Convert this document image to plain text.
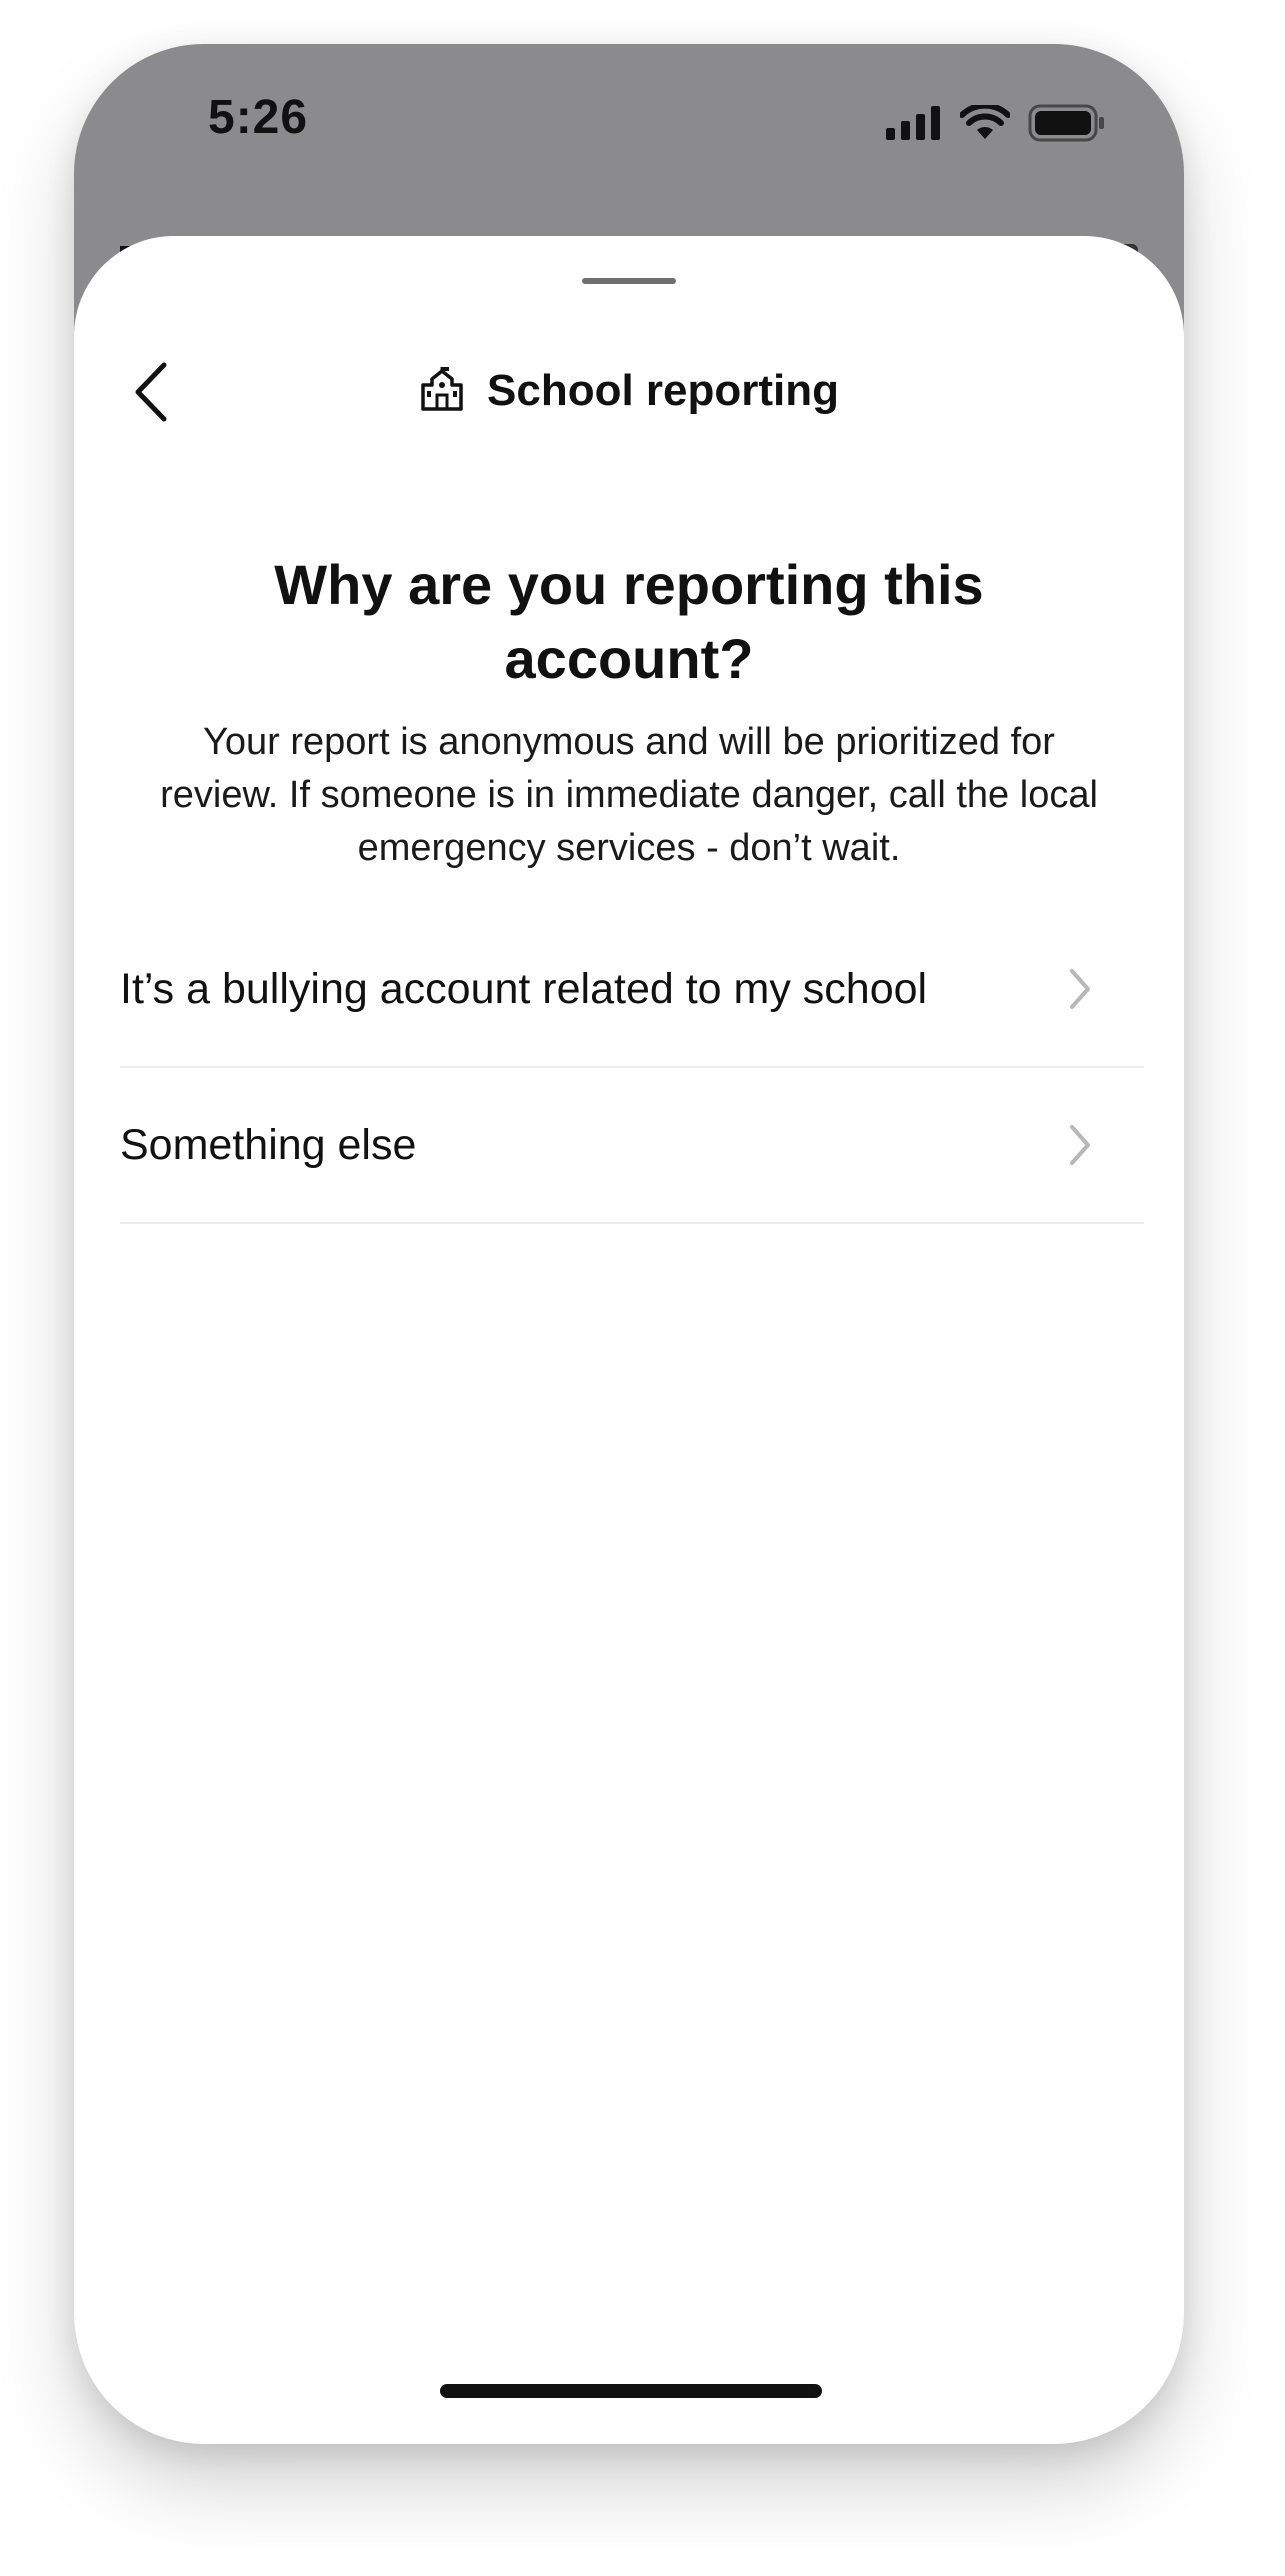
5:26
School reporting
Why are you reporting this account?
Your report is anonymous and will be prioritized for review. If someone is in immediate danger, call the local emergency services - don’t wait.
It’s a bullying account related to my school
Something else
